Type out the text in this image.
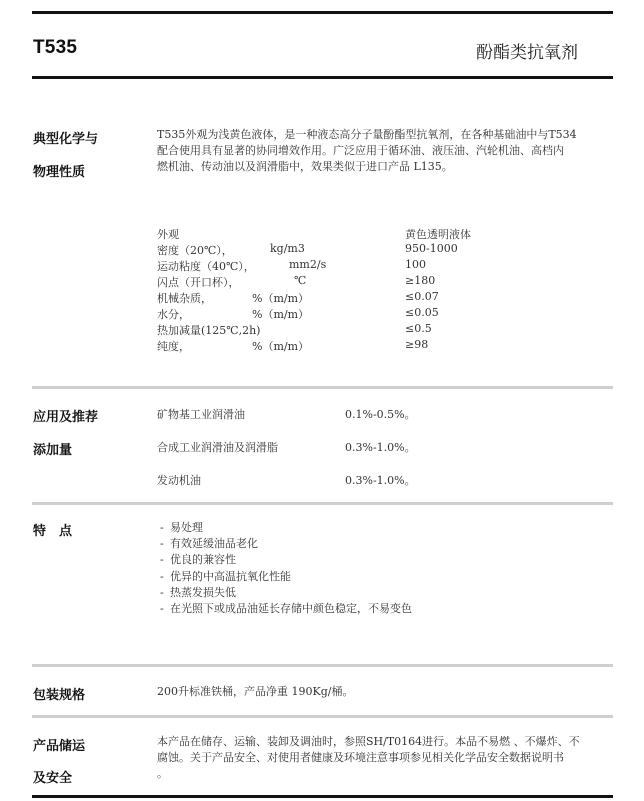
T535	酚酯类抗氧剂
典型化学与
物理性质
T535外观为浅黄色液体，是一种液态高分子量酚酯型抗氧剂，在各种基础油中与T534
配合使用具有显著的协同增效作用。广泛应用于循环油、液压油、汽轮机油、高档内
燃机油、传动油以及润滑脂中，效果类似于进口产品 L135。
外观	黄色透明液体
密度（20℃），	kg/m3	950-1000
运动粘度（40℃），	mm2/s	100
闪点（开口杯），	℃	≥180
机械杂质，	%（m/m）	≤0.07
水分，	%（m/m）	≤0.05
热加减量(125℃,2h)	≤0.5
纯度，	%（m/m）	≥98
应用及推荐
添加量
矿物基工业润滑油	0.1%-0.5%。
合成工业润滑油及润滑脂	0.3%-1.0%。
发动机油	0.3%-1.0%。
特　点	- 易处理
- 有效延缓油品老化
- 优良的兼容性
- 优异的中高温抗氧化性能
- 热蒸发损失低
- 在光照下或成品油延长存储中颜色稳定，不易变色
包装规格	200升标准铁桶，产品净重 190Kg/桶。
产品储运
及安全
本产品在储存、运输、装卸及调油时，参照SH/T0164进行。本品不易燃 、不爆炸、不
腐蚀。关于产品安全、对使用者健康及环境注意事项参见相关化学品安全数据说明书
。
